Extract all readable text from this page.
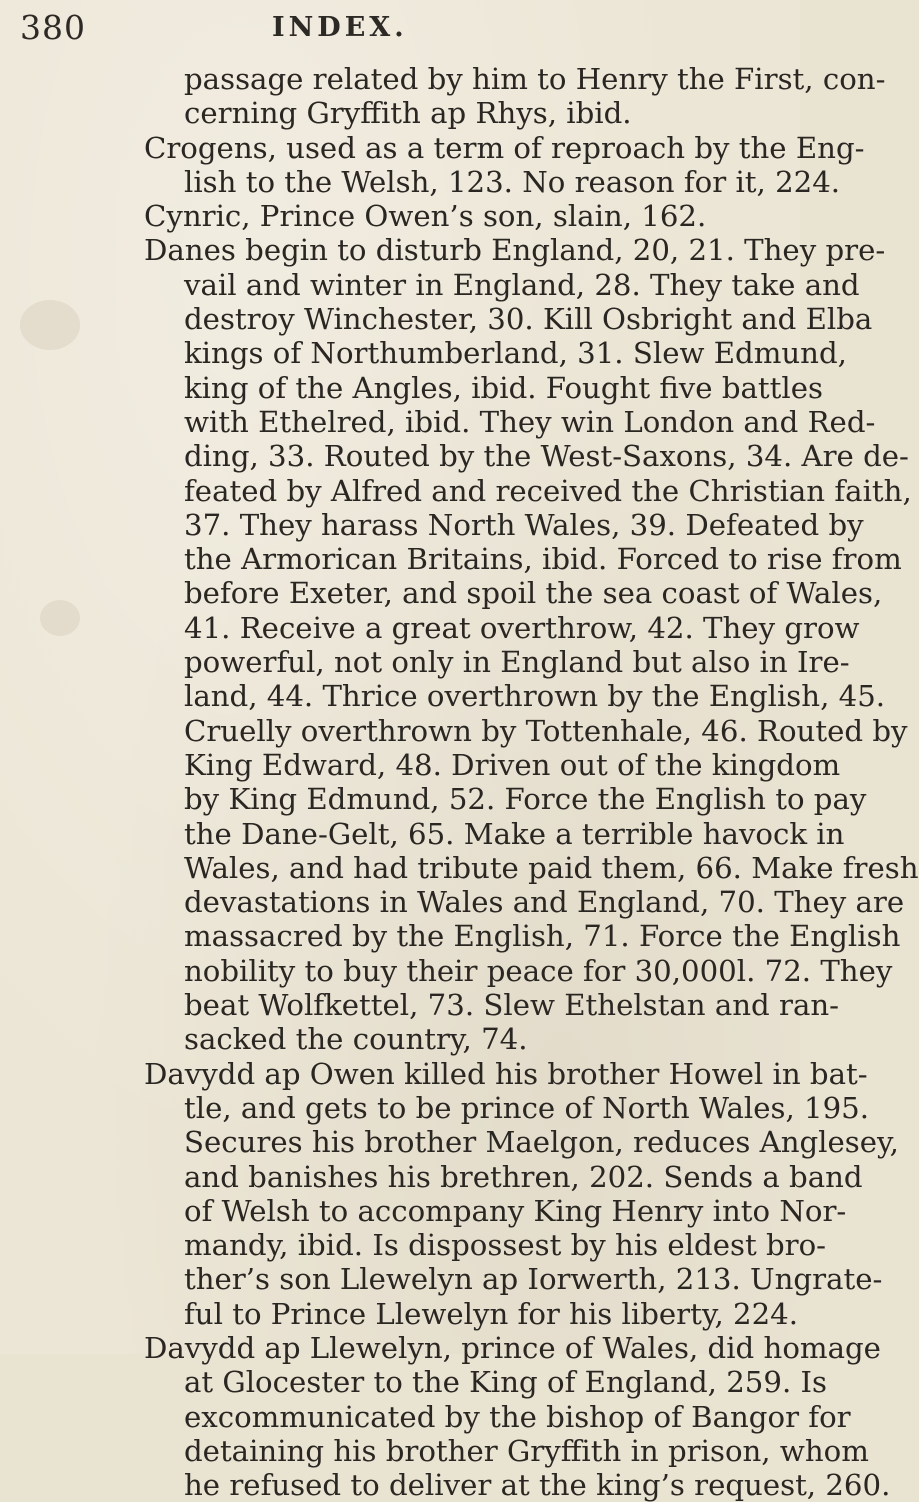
380	INDEX.
passage related by him to Henry the First, con-
cerning Gryffith ap Rhys, ibid.
Crogens, used as a term of reproach by the Eng-
lish to the Welsh, 123. No reason for it, 224.
Cynric, Prince Owen’s son, slain, 162.
Danes begin to disturb England, 20, 21. They pre-
vail and winter in England, 28. They take and
destroy Winchester, 30. Kill Osbright and Elba
kings of Northumberland, 31. Slew Edmund,
king of the Angles, ibid. Fought five battles
with Ethelred, ibid. They win London and Red-
ding, 33. Routed by the West-Saxons, 34. Are de-
feated by Alfred and received the Christian faith,
37. They harass North Wales, 39. Defeated by
the Armorican Britains, ibid. Forced to rise from
before Exeter, and spoil the sea coast of Wales,
41. Receive a great overthrow, 42. They grow
powerful, not only in England but also in Ire-
land, 44. Thrice overthrown by the English, 45.
Cruelly overthrown by Tottenhale, 46. Routed by
King Edward, 48. Driven out of the kingdom
by King Edmund, 52. Force the English to pay
the Dane-Gelt, 65. Make a terrible havock in
Wales, and had tribute paid them, 66. Make fresh
devastations in Wales and England, 70. They are
massacred by the English, 71. Force the English
nobility to buy their peace for 30,000l. 72. They
beat Wolfkettel, 73. Slew Ethelstan and ran-
sacked the country, 74.
Davydd ap Owen killed his brother Howel in bat-
tle, and gets to be prince of North Wales, 195.
Secures his brother Maelgon, reduces Anglesey,
and banishes his brethren, 202. Sends a band
of Welsh to accompany King Henry into Nor-
mandy, ibid. Is dispossest by his eldest bro-
ther’s son Llewelyn ap Iorwerth, 213. Ungrate-
ful to Prince Llewelyn for his liberty, 224.
Davydd ap Llewelyn, prince of Wales, did homage
at Glocester to the King of England, 259. Is
excommunicated by the bishop of Bangor for
detaining his brother Gryffith in prison, whom
he refused to deliver at the king’s request, 260.
